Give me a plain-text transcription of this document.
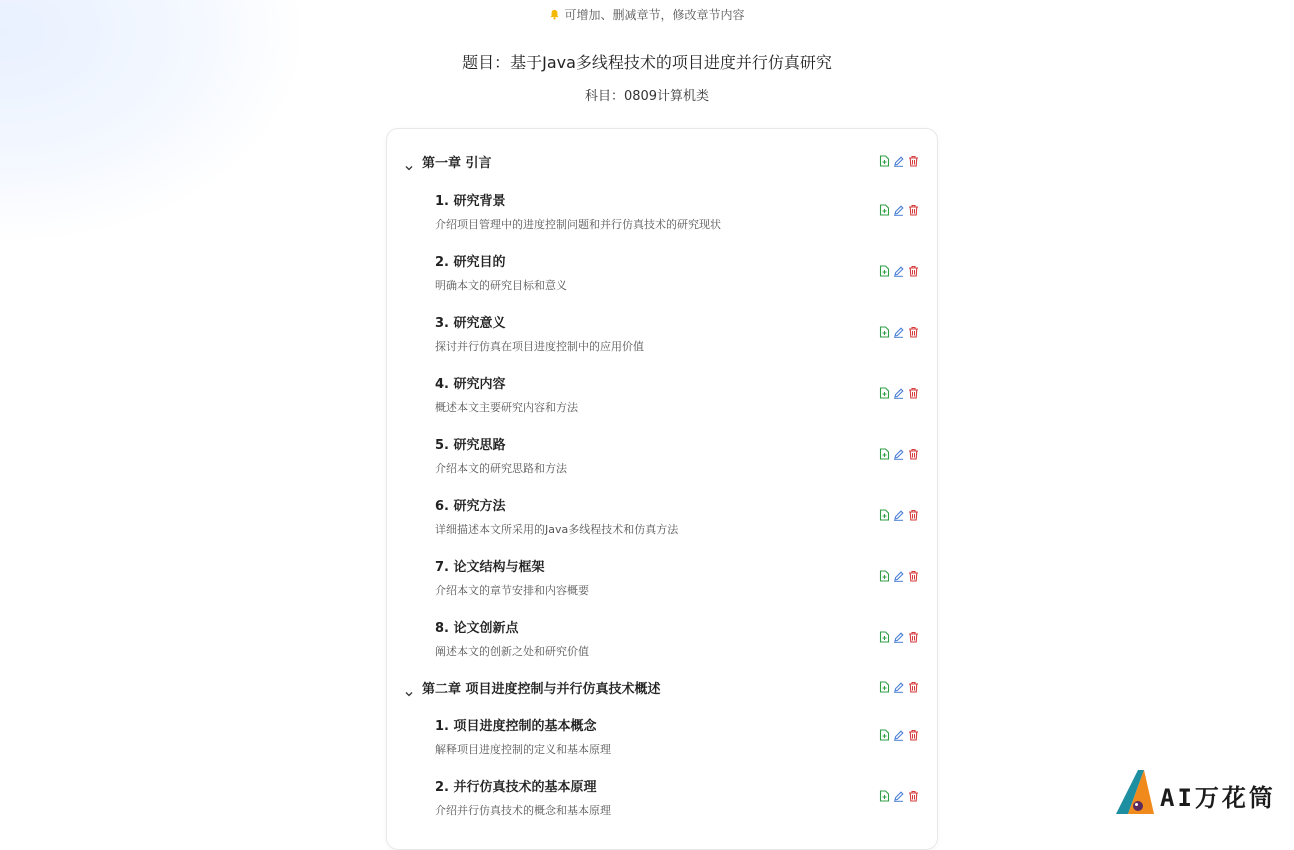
可增加、删减章节，修改章节内容
题目：基于Java多线程技术的项目进度并行仿真研究
科目：0809计算机类
第一章 引言
1. 研究背景
介绍项目管理中的进度控制问题和并行仿真技术的研究现状
2. 研究目的
明确本文的研究目标和意义
3. 研究意义
探讨并行仿真在项目进度控制中的应用价值
4. 研究内容
概述本文主要研究内容和方法
5. 研究思路
介绍本文的研究思路和方法
6. 研究方法
详细描述本文所采用的Java多线程技术和仿真方法
7. 论文结构与框架
介绍本文的章节安排和内容概要
8. 论文创新点
阐述本文的创新之处和研究价值
第二章 项目进度控制与并行仿真技术概述
1. 项目进度控制的基本概念
解释项目进度控制的定义和基本原理
2. 并行仿真技术的基本原理
介绍并行仿真技术的概念和基本原理	AI万花筒
